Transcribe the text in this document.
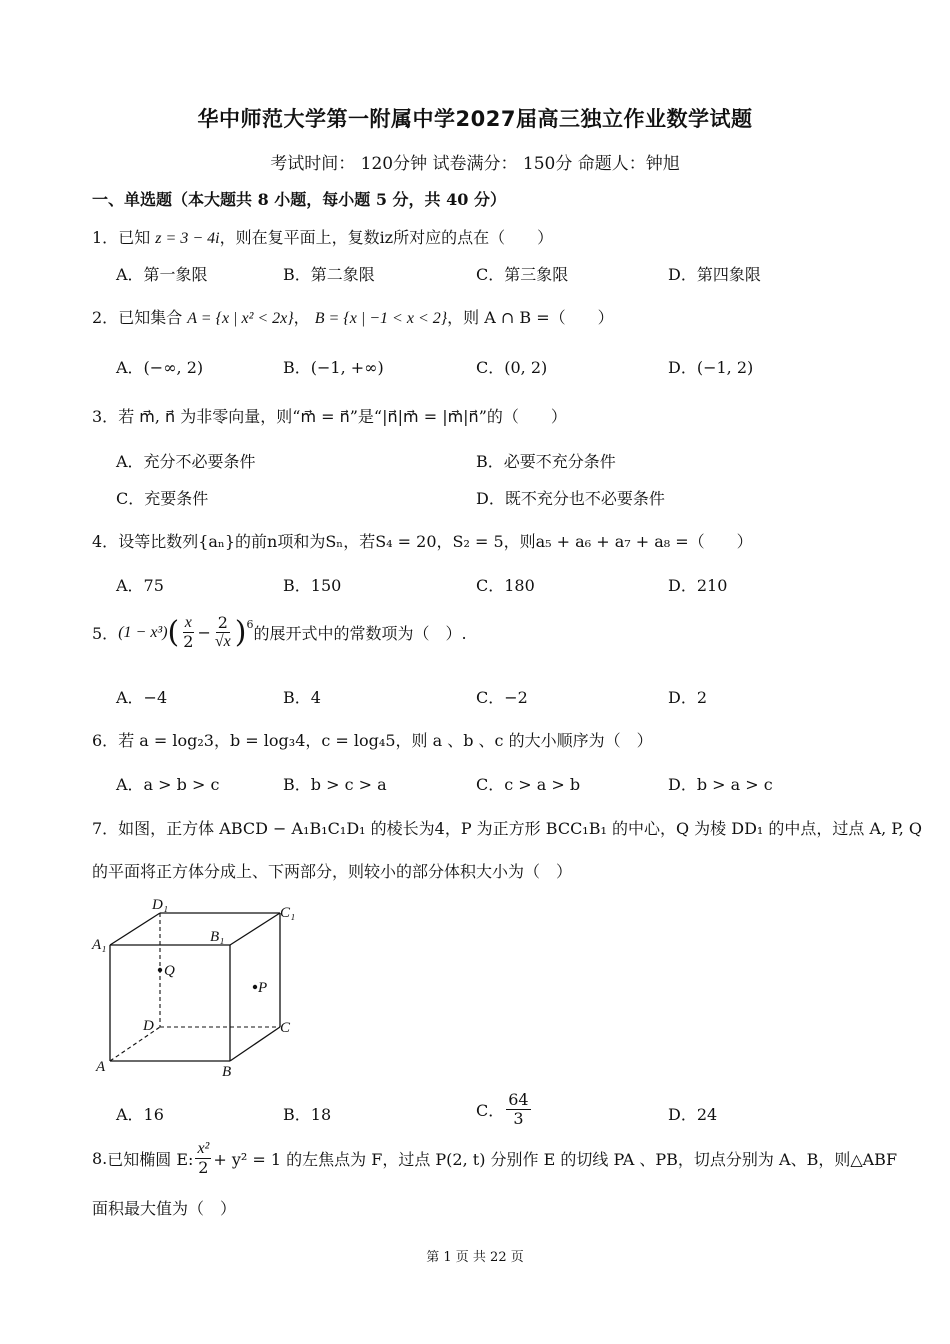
华中师范大学第一附属中学2027届高三独立作业数学试题
考试时间： 120分钟 试卷满分： 150分 命题人：钟旭
一、单选题（本大题共 8 小题，每小题 5 分，共 40 分）
1．已知 z = 3 − 4i，则在复平面上，复数iz所对应的点在（　　）
A．第一象限	B．第二象限	C．第三象限	D．第四象限
2．已知集合 A = {x | x² < 2x}， B = {x | −1 < x < 2}，则 A ∩ B =（　　）
A．(−∞, 2)	B．(−1, +∞)	C．(0, 2)	D．(−1, 2)
3．若 m⃗, n⃗ 为非零向量，则“m⃗ = n⃗”是“|n⃗|m⃗ = |m⃗|n⃗”的（　　）
A．充分不必要条件	B．必要不充分条件
C．充要条件	D．既不充分也不必要条件
4．设等比数列{aₙ}的前n项和为Sₙ，若S₄ = 20，S₂ = 5，则a₅ + a₆ + a₇ + a₈ =（　　）
A．75	B．150	C．180	D．210
5． (1 − x³) ( $\frac{x}{2} - \frac{2}{√x} )^6$ 的展开式中的常数项为（　）.
A．−4	B．4	C．−2	D．2
6．若 a = log₂3，b = log₃4，c = log₄5，则 a 、b 、c 的大小顺序为（　）
A．a > b > c	B．b > c > a	C．c > a > b	D．b > a > c
7．如图，正方体 ABCD − A₁B₁C₁D₁ 的棱长为4，P 为正方形 BCC₁B₁ 的中心，Q 为棱 DD₁ 的中点，过点 A, P, Q
的平面将正方体分成上、下两部分，则较小的部分体积大小为（　）
D₁	C₁
A₁	B₁
Q
P
D	C
A	B
A．16	B．18	C． $\frac{64}{3}$	D．24
8. 已知椭圆 E: $\frac{\text{x²}}{2} + y^2 = 1$ 的左焦点为 F，过点 P(2, t) 分别作 E 的切线 PA 、PB，切点分别为 A、B，则△ABF
面积最大值为（　）
第 1 页 共 22 页
